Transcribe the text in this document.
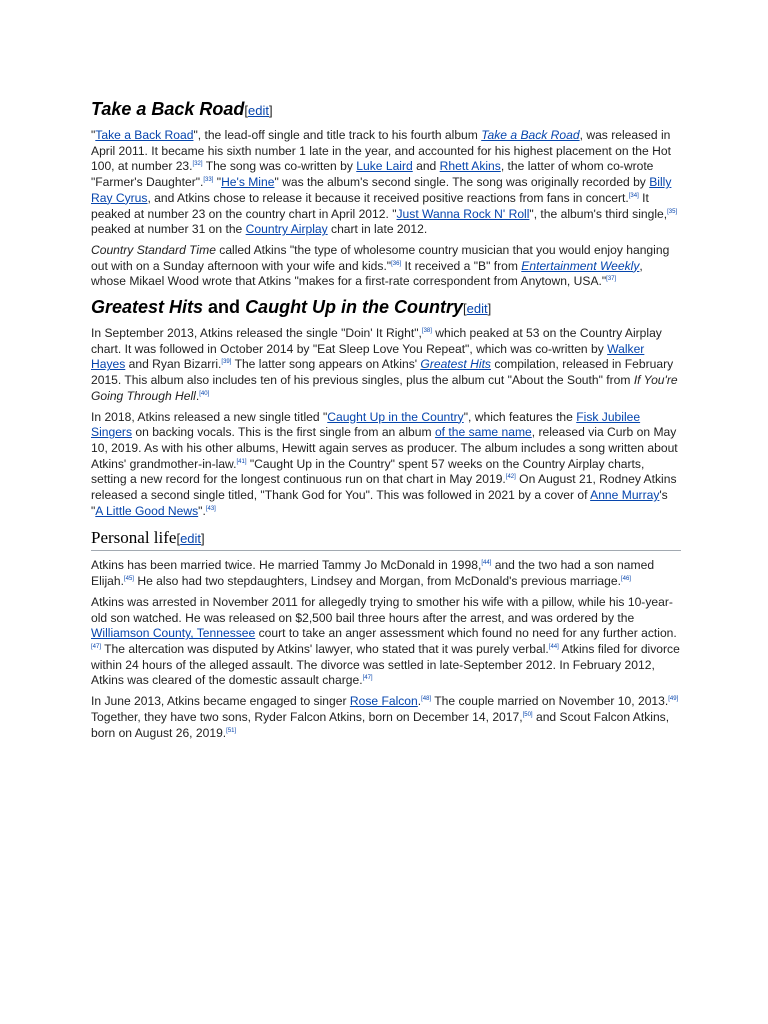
Take a Back Road[edit]

"Take a Back Road", the lead-off single and title track to his fourth album Take a Back Road, was released in April 2011. It became his sixth number 1 late in the year, and accounted for his highest placement on the Hot 100, at number 23.[32] The song was co-written by Luke Laird and Rhett Akins, the latter of whom co-wrote "Farmer's Daughter".[33] "He's Mine" was the album's second single. The song was originally recorded by Billy Ray Cyrus, and Atkins chose to release it because it received positive reactions from fans in concert.[34] It peaked at number 23 on the country chart in April 2012. "Just Wanna Rock N' Roll", the album's third single,[35] peaked at number 31 on the Country Airplay chart in late 2012.

Country Standard Time called Atkins "the type of wholesome country musician that you would enjoy hanging out with on a Sunday afternoon with your wife and kids."[36] It received a "B" from Entertainment Weekly, whose Mikael Wood wrote that Atkins "makes for a first-rate correspondent from Anytown, USA."[37]

Greatest Hits and Caught Up in the Country[edit]

In September 2013, Atkins released the single "Doin' It Right",[38] which peaked at 53 on the Country Airplay chart. It was followed in October 2014 by "Eat Sleep Love You Repeat", which was co-written by Walker Hayes and Ryan Bizarri.[39] The latter song appears on Atkins' Greatest Hits compilation, released in February 2015. This album also includes ten of his previous singles, plus the album cut "About the South" from If You're Going Through Hell.[40]

In 2018, Atkins released a new single titled "Caught Up in the Country", which features the Fisk Jubilee Singers on backing vocals. This is the first single from an album of the same name, released via Curb on May 10, 2019. As with his other albums, Hewitt again serves as producer. The album includes a song written about Atkins' grandmother-in-law.[41] "Caught Up in the Country" spent 57 weeks on the Country Airplay charts, setting a new record for the longest continuous run on that chart in May 2019.[42] On August 21, Rodney Atkins released a second single titled, "Thank God for You". This was followed in 2021 by a cover of Anne Murray's "A Little Good News".[43]

Personal life[edit]

Atkins has been married twice. He married Tammy Jo McDonald in 1998,[44] and the two had a son named Elijah.[45] He also had two stepdaughters, Lindsey and Morgan, from McDonald's previous marriage.[46]

Atkins was arrested in November 2011 for allegedly trying to smother his wife with a pillow, while his 10-year-old son watched. He was released on $2,500 bail three hours after the arrest, and was ordered by the Williamson County, Tennessee court to take an anger assessment which found no need for any further action.[47] The altercation was disputed by Atkins' lawyer, who stated that it was purely verbal.[44] Atkins filed for divorce within 24 hours of the alleged assault. The divorce was settled in late-September 2012. In February 2012, Atkins was cleared of the domestic assault charge.[47]

In June 2013, Atkins became engaged to singer Rose Falcon.[48] The couple married on November 10, 2013.[49] Together, they have two sons, Ryder Falcon Atkins, born on December 14, 2017,[50] and Scout Falcon Atkins, born on August 26, 2019.[51]
